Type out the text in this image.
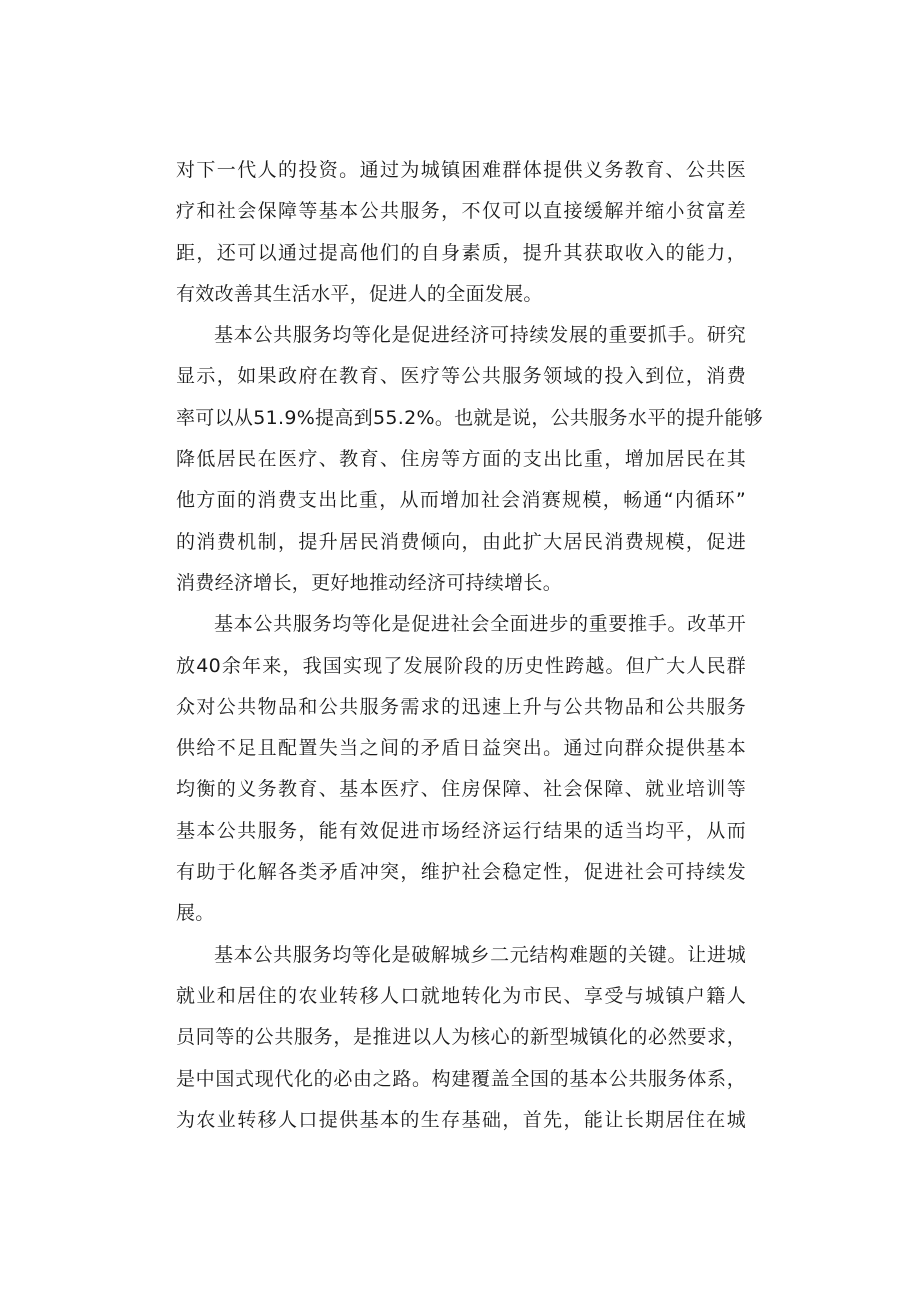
对下一代人的投资。通过为城镇困难群体提供义务教育、公共医
疗和社会保障等基本公共服务，不仅可以直接缓解并缩小贫富差
距，还可以通过提高他们的自身素质，提升其获取收入的能力，
有效改善其生活水平，促进人的全面发展。
基本公共服务均等化是促进经济可持续发展的重要抓手。研究
显示，如果政府在教育、医疗等公共服务领域的投入到位，消费
率可以从51.9%提高到55.2%。也就是说，公共服务水平的提升能够
降低居民在医疗、教育、住房等方面的支出比重，增加居民在其
他方面的消费支出比重，从而增加社会消赛规模，畅通“内循环”
的消费机制，提升居民消费倾向，由此扩大居民消费规模，促进
消费经济增长，更好地推动经济可持续增长。
基本公共服务均等化是促进社会全面进步的重要推手。改革开
放40余年来，我国实现了发展阶段的历史性跨越。但广大人民群
众对公共物品和公共服务需求的迅速上升与公共物品和公共服务
供给不足且配置失当之间的矛盾日益突出。通过向群众提供基本
均衡的义务教育、基本医疗、住房保障、社会保障、就业培训等
基本公共服务，能有效促进市场经济运行结果的适当均平，从而
有助于化解各类矛盾冲突，维护社会稳定性，促进社会可持续发
展。
基本公共服务均等化是破解城乡二元结构难题的关键。让进城
就业和居住的农业转移人口就地转化为市民、享受与城镇户籍人
员同等的公共服务，是推进以人为核心的新型城镇化的必然要求，
是中国式现代化的必由之路。构建覆盖全国的基本公共服务体系，
为农业转移人口提供基本的生存基础，首先，能让长期居住在城
